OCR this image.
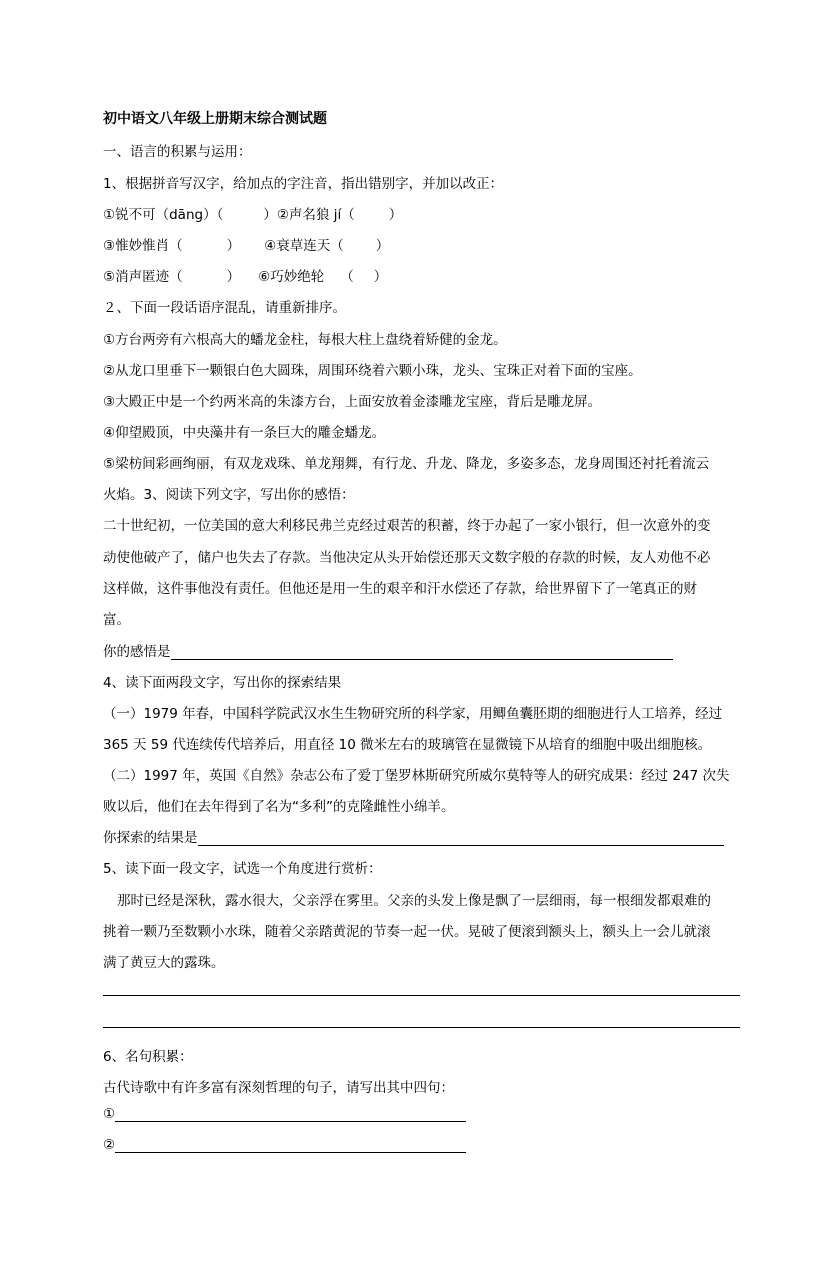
初中语文八年级上册期末综合测试题
一、语言的积累与运用：
1、根据拼音写汉字，给加点的字注音，指出错别字，并加以改正：
①锐不可（dāng）（	）②声名狼 jí（	）
③惟妙惟肖（	） ④衰草连天（ ）
⑤消声匿迹（	） ⑥巧妙绝轮 （ ）
２、下面一段话语序混乱，请重新排序。
①方台两旁有六根高大的蟠龙金柱，每根大柱上盘绕着矫健的金龙。
②从龙口里垂下一颗银白色大圆珠，周围环绕着六颗小珠，龙头、宝珠正对着下面的宝座。
③大殿正中是一个约两米高的朱漆方台，上面安放着金漆雕龙宝座，背后是雕龙屏。
④仰望殿顶，中央藻井有一条巨大的雕金蟠龙。
⑤梁枋间彩画绚丽，有双龙戏珠、单龙翔舞，有行龙、升龙、降龙，多姿多态，龙身周围还衬托着流云
火焰。3、阅读下列文字，写出你的感悟：
二十世纪初，一位美国的意大利移民弗兰克经过艰苦的积蓄，终于办起了一家小银行，但一次意外的变
动使他破产了，储户也失去了存款。当他决定从头开始偿还那天文数字般的存款的时候，友人劝他不必
这样做，这件事他没有责任。但他还是用一生的艰辛和汗水偿还了存款，给世界留下了一笔真正的财
富。
你的感悟是
4、读下面两段文字，写出你的探索结果
（一）1979 年春，中国科学院武汉水生生物研究所的科学家，用鲫鱼囊胚期的细胞进行人工培养，经过
365 天 59 代连续传代培养后，用直径 10 微米左右的玻璃管在显微镜下从培育的细胞中吸出细胞核。
（二）1997 年，英国《自然》杂志公布了爱丁堡罗林斯研究所威尔莫特等人的研究成果：经过 247 次失
败以后，他们在去年得到了名为“多利”的克隆雌性小绵羊。
你探索的结果是
5、读下面一段文字，试选一个角度进行赏析：
那时已经是深秋，露水很大，父亲浮在雾里。父亲的头发上像是飘了一层细雨，每一根细发都艰难的
挑着一颗乃至数颗小水珠，随着父亲踏黄泥的节奏一起一伏。晃破了便滚到额头上，额头上一会儿就滚
满了黄豆大的露珠。
6、名句积累：
古代诗歌中有许多富有深刻哲理的句子，请写出其中四句：
①
②
